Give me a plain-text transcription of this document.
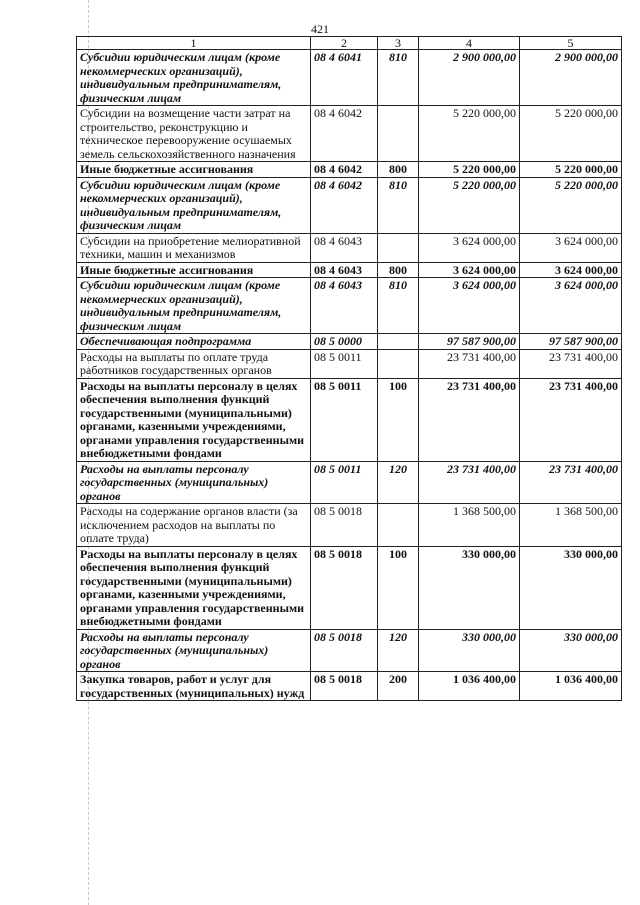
421
1	2	3	4	5
Субсидии юридическим лицам (кроме некоммерческих организаций), индивидуальным предпринимателям, физическим лицам	08 4 6041	810	2 900 000,00	2 900 000,00
Субсидии на возмещение части затрат на строительство, реконструкцию и техническое перевооружение осушаемых земель сельскохозяйственного назначения	08 4 6042		5 220 000,00	5 220 000,00
Иные бюджетные ассигнования	08 4 6042	800	5 220 000,00	5 220 000,00
Субсидии юридическим лицам (кроме некоммерческих организаций), индивидуальным предпринимателям, физическим лицам	08 4 6042	810	5 220 000,00	5 220 000,00
Субсидии на приобретение мелиоративной техники, машин и механизмов	08 4 6043		3 624 000,00	3 624 000,00
Иные бюджетные ассигнования	08 4 6043	800	3 624 000,00	3 624 000,00
Субсидии юридическим лицам (кроме некоммерческих организаций), индивидуальным предпринимателям, физическим лицам	08 4 6043	810	3 624 000,00	3 624 000,00
Обеспечивающая подпрограмма	08 5 0000		97 587 900,00	97 587 900,00
Расходы на выплаты по оплате труда работников государственных органов	08 5 0011		23 731 400,00	23 731 400,00
Расходы на выплаты персоналу в целях обеспечения выполнения функций государственными (муниципальными) органами, казенными учреждениями, органами управления государственными внебюджетными фондами	08 5 0011	100	23 731 400,00	23 731 400,00
Расходы на выплаты персоналу государственных (муниципальных) органов	08 5 0011	120	23 731 400,00	23 731 400,00
Расходы на содержание органов власти (за исключением расходов на выплаты по оплате труда)	08 5 0018		1 368 500,00	1 368 500,00
Расходы на выплаты персоналу в целях обеспечения выполнения функций государственными (муниципальными) органами, казенными учреждениями, органами управления государственными внебюджетными фондами	08 5 0018	100	330 000,00	330 000,00
Расходы на выплаты персоналу государственных (муниципальных) органов	08 5 0018	120	330 000,00	330 000,00
Закупка товаров, работ и услуг для государственных (муниципальных) нужд	08 5 0018	200	1 036 400,00	1 036 400,00
